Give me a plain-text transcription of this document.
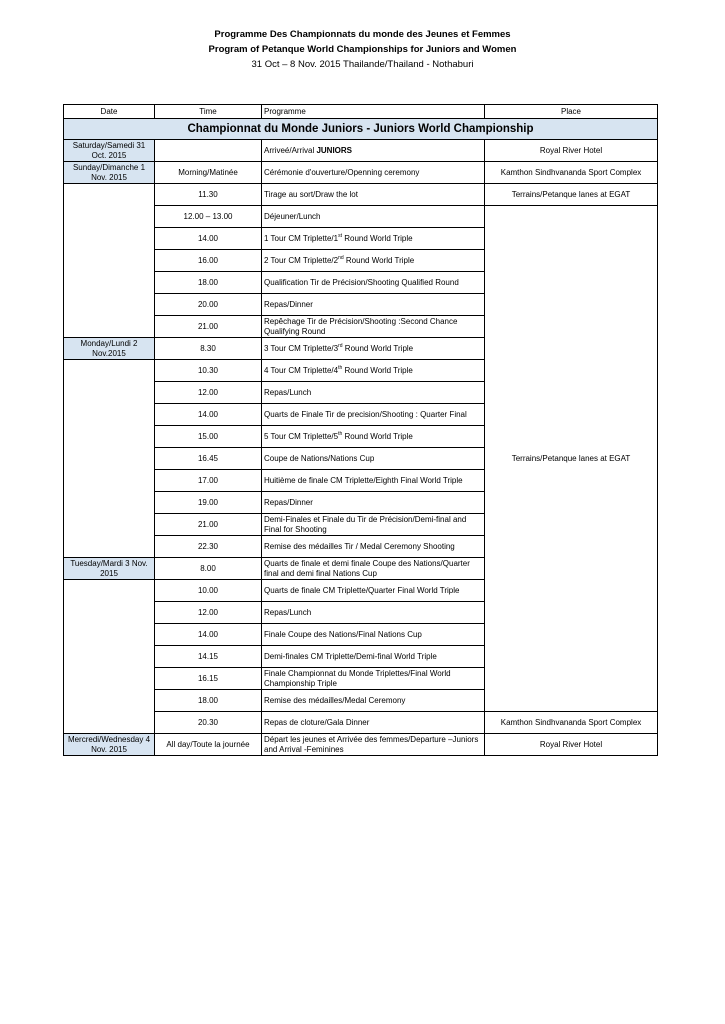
Programme Des Championnats du monde des Jeunes et Femmes
Program of Petanque World Championships for Juniors and Women
31 Oct – 8 Nov. 2015 Thailande/Thailand - Nothaburi
Date	Time	Programme	Place
Championnat du Monde Juniors - Juniors World Championship			
Saturday/Samedi 31 Oct. 2015		Arriveé/Arrival JUNIORS	Royal River Hotel
Sunday/Dimanche 1 Nov. 2015	Morning/Matinée	Cérémonie d'ouverture/Openning ceremony	Kamthon Sindhvananda Sport Complex
	11.30	Tirage au sort/Draw the lot	Terrains/Petanque lanes at EGAT
	12.00 – 13.00	Déjeuner/Lunch	Terrains/Petanque lanes at EGAT
	14.00	1 Tour CM Triplette/1st Round World Triple	
	16.00	2 Tour CM Triplette/2nd Round World Triple	
	18.00	Qualification Tir de Précision/Shooting Qualified Round	
	20.00	Repas/Dinner	
	21.00	Repêchage Tir de Précision/Shooting :Second Chance Qualifying Round	
Monday/Lundi 2 Nov.2015	8.30	3 Tour CM Triplette/3rd Round World Triple	
	10.30	4 Tour CM Triplette/4th Round World Triple	
	12.00	Repas/Lunch	
	14.00	Quarts de Finale Tir de precision/Shooting : Quarter Final	
	15.00	5 Tour CM Triplette/5th Round World Triple	
	16.45	Coupe de Nations/Nations Cup	
	17.00	Huitième de finale CM Triplette/Eighth Final World Triple	
	19.00	Repas/Dinner	
	21.00	Demi-Finales et Finale du Tir de Précision/Demi-final and Final for Shooting	
	22.30	Remise des médailles Tir / Medal Ceremony Shooting	
Tuesday/Mardi 3 Nov. 2015	8.00	Quarts de finale et demi finale Coupe des Nations/Quarter final and demi final Nations Cup	
	10.00	Quarts de finale CM Triplette/Quarter Final World Triple	
	12.00	Repas/Lunch	
	14.00	Finale Coupe des Nations/Final Nations Cup	
	14.15	Demi-finales CM Triplette/Demi-final World Triple	
	16.15	Finale Championnat du Monde Triplettes/Final World Championship Triple	
	18.00	Remise des médailles/Medal Ceremony	
	20.30	Repas de cloture/Gala Dinner	Kamthon Sindhvananda Sport Complex
Mercredi/Wednesday 4 Nov. 2015	All day/Toute la journée	Départ les jeunes et Arrivée des femmes/Departure –Juniors and Arrival -Feminines	Royal River Hotel
